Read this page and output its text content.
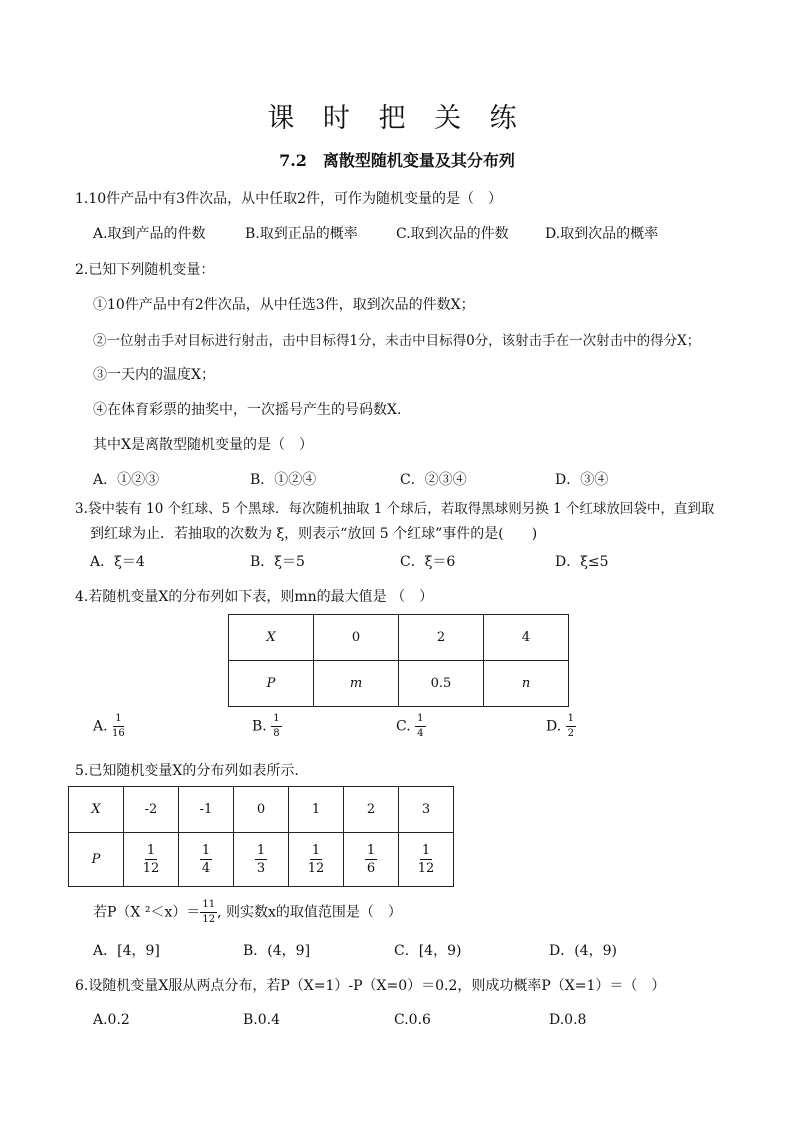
课 时 把 关 练
7.2　离散型随机变量及其分布列
1.10件产品中有3件次品，从中任取2件，可作为随机变量的是（　）
A.取到产品的件数	B.取到正品的概率	C.取到次品的件数	D.取到次品的概率
2.已知下列随机变量：
①10件产品中有2件次品，从中任选3件，取到次品的件数X；
②一位射击手对目标进行射击，击中目标得1分，未击中目标得0分，该射击手在一次射击中的得分X；
③一天内的温度X；
④在体育彩票的抽奖中，一次摇号产生的号码数X.
其中X是离散型随机变量的是（　）
A．①②③	B．①②④	C．②③④	D．③④
3.袋中装有 10 个红球、5 个黑球．每次随机抽取 1 个球后，若取得黑球则另换 1 个红球放回袋中，直到取
到红球为止．若抽取的次数为 ξ，则表示“放回 5 个红球”事件的是(　　)
A．ξ＝4	B．ξ＝5	C．ξ＝6	D．ξ≤5
4.若随机变量X的分布列如下表，则mn的最大值是 （　）
X	0	2	4
P	m	0.5	n
A. $\frac{1}{16}$	B. $\frac{1}{8}$	C. $\frac{1}{4}$	D. $\frac{1}{2}$
5.已知随机变量X的分布列如表所示.
X	-2	-1	0	1	2	3
P	$\frac{1}{12}$	$\frac{1}{4}$	$\frac{1}{3}$	$\frac{1}{12}$	$\frac{1}{6}$	$\frac{1}{12}$
若P（X $^2<x)= \frac{11}{12}$ , 则实数x的取值范围是（　）
A．[4，9]	B．(4，9]	C．[4，9)	D．(4，9)
6.设随机变量X服从两点分布，若P（X=1）-P（X=0）＝0.2，则成功概率P（X=1）＝（　）
A.0.2	B.0.4	C.0.6	D.0.8
